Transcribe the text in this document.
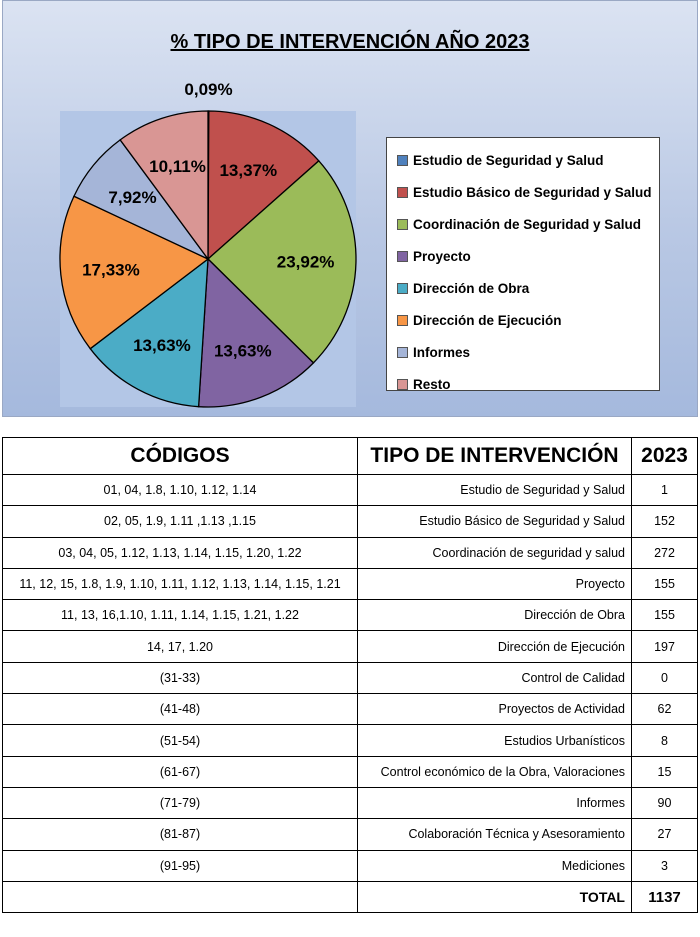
% TIPO DE INTERVENCIÓN AÑO 2023
0,09%
13,37%
23,92%
13,63%
13,63%
17,33%
7,92%
10,11%	Estudio de Seguridad y Salud
Estudio Básico de Seguridad y Salud
Coordinación de Seguridad y Salud
Proyecto
Dirección de Obra
Dirección de Ejecución
Informes
Resto
CÓDIGOS	TIPO DE INTERVENCIÓN	2023
01, 04, 1.8, 1.10, 1.12, 1.14	Estudio de Seguridad y Salud	1
02, 05, 1.9, 1.11 ,1.13 ,1.15	Estudio Básico de Seguridad y Salud	152
03, 04, 05, 1.12, 1.13, 1.14, 1.15, 1.20, 1.22	Coordinación de seguridad y salud	272
11, 12, 15, 1.8, 1.9, 1.10, 1.11, 1.12, 1.13, 1.14, 1.15, 1.21	Proyecto	155
11, 13, 16,1.10, 1.11, 1.14, 1.15, 1.21, 1.22	Dirección de Obra	155
14, 17, 1.20	Dirección de Ejecución	197
(31-33)	Control de Calidad	0
(41-48)	Proyectos de Actividad	62
(51-54)	Estudios Urbanísticos	8
(61-67)	Control económico de la Obra, Valoraciones	15
(71-79)	Informes	90
(81-87)	Colaboración Técnica y Asesoramiento	27
(91-95)	Mediciones	3
	TOTAL	1137
